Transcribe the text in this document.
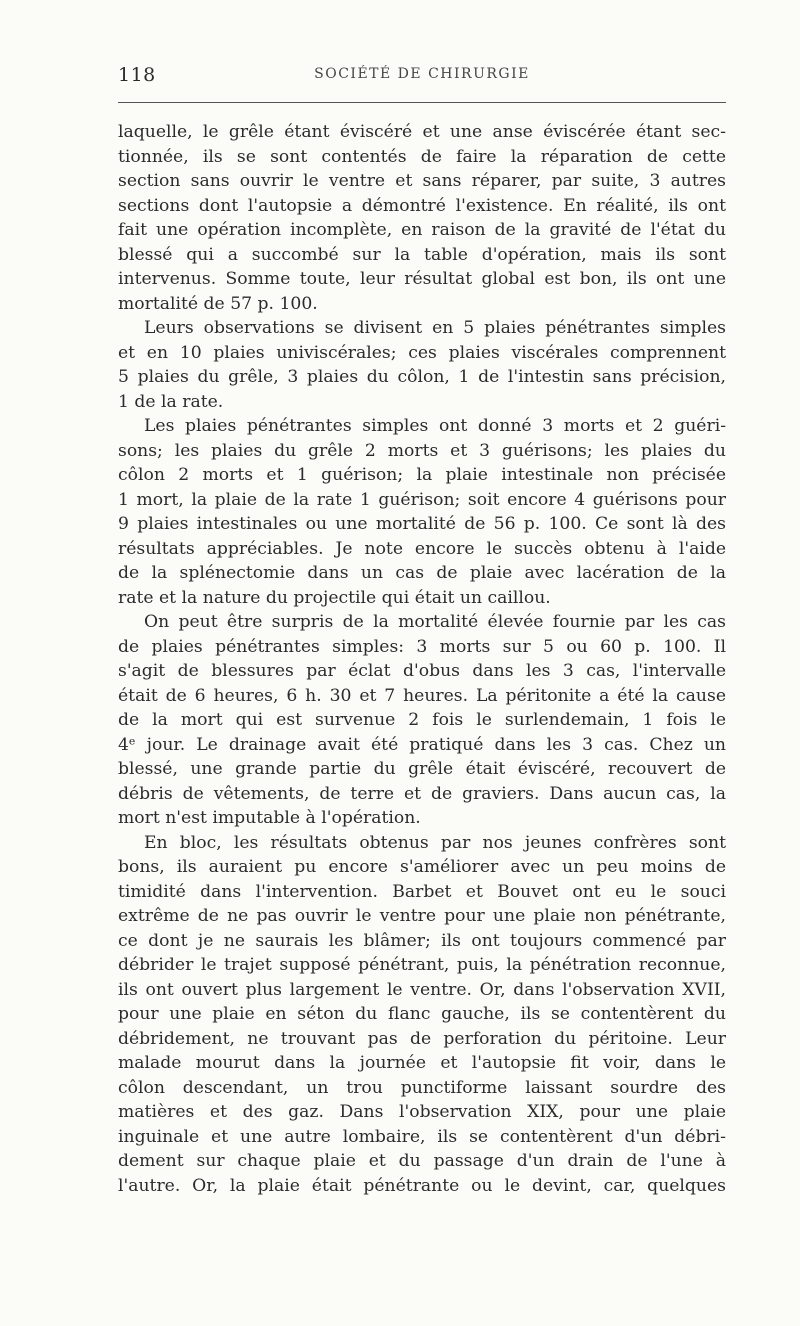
118	SOCIÉTÉ DE CHIRURGIE
laquelle, le grêle étant éviscéré et une anse éviscérée étant sec-
tionnée, ils se sont contentés de faire la réparation de cette
section sans ouvrir le ventre et sans réparer, par suite, 3 autres
sections dont l'autopsie a démontré l'existence. En réalité, ils ont
fait une opération incomplète, en raison de la gravité de l'état du
blessé qui a succombé sur la table d'opération, mais ils sont
intervenus. Somme toute, leur résultat global est bon, ils ont une
mortalité de 57 p. 100.
Leurs observations se divisent en 5 plaies pénétrantes simples
et en 10 plaies univiscérales; ces plaies viscérales comprennent
5 plaies du grêle, 3 plaies du côlon, 1 de l'intestin sans précision,
1 de la rate.
Les plaies pénétrantes simples ont donné 3 morts et 2 guéri-
sons; les plaies du grêle 2 morts et 3 guérisons; les plaies du
côlon 2 morts et 1 guérison; la plaie intestinale non précisée
1 mort, la plaie de la rate 1 guérison; soit encore 4 guérisons pour
9 plaies intestinales ou une mortalité de 56 p. 100. Ce sont là des
résultats appréciables. Je note encore le succès obtenu à l'aide
de la splénectomie dans un cas de plaie avec lacération de la
rate et la nature du projectile qui était un caillou.
On peut être surpris de la mortalité élevée fournie par les cas
de plaies pénétrantes simples: 3 morts sur 5 ou 60 p. 100. Il
s'agit de blessures par éclat d'obus dans les 3 cas, l'intervalle
était de 6 heures, 6 h. 30 et 7 heures. La péritonite a été la cause
de la mort qui est survenue 2 fois le surlendemain, 1 fois le
4ᵉ jour. Le drainage avait été pratiqué dans les 3 cas. Chez un
blessé, une grande partie du grêle était éviscéré, recouvert de
débris de vêtements, de terre et de graviers. Dans aucun cas, la
mort n'est imputable à l'opération.
En bloc, les résultats obtenus par nos jeunes confrères sont
bons, ils auraient pu encore s'améliorer avec un peu moins de
timidité dans l'intervention. Barbet et Bouvet ont eu le souci
extrême de ne pas ouvrir le ventre pour une plaie non pénétrante,
ce dont je ne saurais les blâmer; ils ont toujours commencé par
débrider le trajet supposé pénétrant, puis, la pénétration reconnue,
ils ont ouvert plus largement le ventre. Or, dans l'observation XVII,
pour une plaie en séton du flanc gauche, ils se contentèrent du
débridement, ne trouvant pas de perforation du péritoine. Leur
malade mourut dans la journée et l'autopsie fit voir, dans le
côlon descendant, un trou punctiforme laissant sourdre des
matières et des gaz. Dans l'observation XIX, pour une plaie
inguinale et une autre lombaire, ils se contentèrent d'un débri-
dement sur chaque plaie et du passage d'un drain de l'une à
l'autre. Or, la plaie était pénétrante ou le devint, car, quelques
